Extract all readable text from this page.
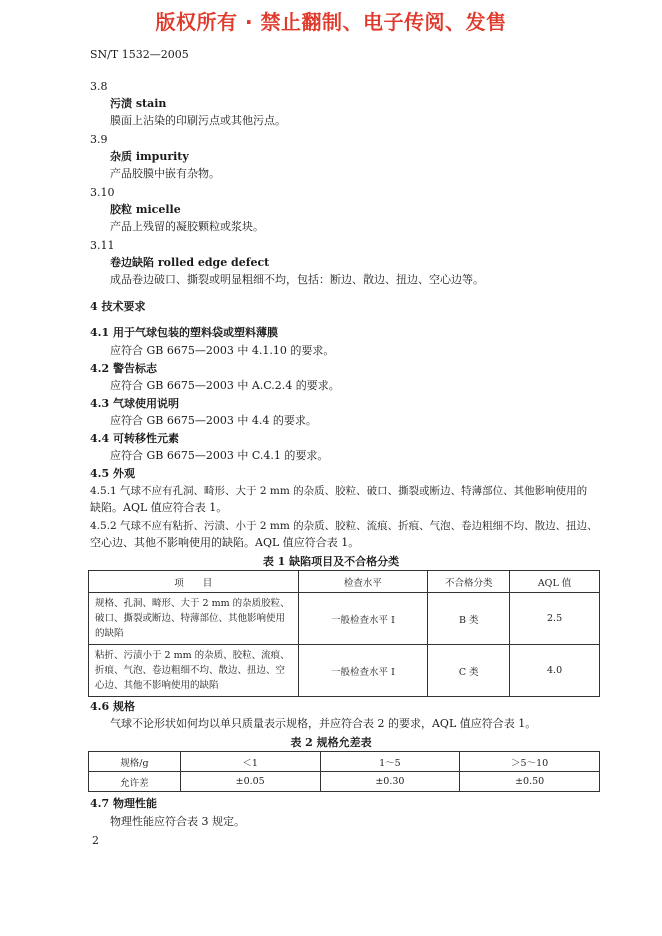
版权所有 · 禁止翻制、电子传阅、发售
SN/T 1532—2005
3.8
污渍 stain
膜面上沾染的印刷污点或其他污点。
3.9
杂质 impurity
产品胶膜中嵌有杂物。
3.10
胶粒 micelle
产品上残留的凝胶颗粒或浆块。
3.11
卷边缺陷 rolled edge defect
成品卷边破口、撕裂或明显粗细不均，包括：断边、散边、扭边、空心边等。
4 技术要求
4.1 用于气球包装的塑料袋或塑料薄膜
应符合 GB 6675—2003 中 4.1.10 的要求。
4.2 警告标志
应符合 GB 6675—2003 中 A.C.2.4 的要求。
4.3 气球使用说明
应符合 GB 6675—2003 中 4.4 的要求。
4.4 可转移性元素
应符合 GB 6675—2003 中 C.4.1 的要求。
4.5 外观
4.5.1 气球不应有孔洞、畸形、大于 2 mm 的杂质、胶粒、破口、撕裂或断边、特薄部位、其他影响使用的
缺陷。AQL 值应符合表 1。
4.5.2 气球不应有粘折、污渍、小于 2 mm 的杂质、胶粒、流痕、折痕、气泡、卷边粗细不均、散边、扭边、
空心边、其他不影响使用的缺陷。AQL 值应符合表 1。
表 1 缺陷项目及不合格分类
项　　目	检查水平	不合格分类	AQL 值
规格、孔洞、畸形、大于 2 mm 的杂质胶粒、破口、撕裂或断边、特薄部位、其他影响使用的缺陷	一般检查水平 I	B 类	2.5
粘折、污渍小于 2 mm 的杂质、胶粒、流痕、折痕、气泡、卷边粗细不均、散边、扭边、空心边、其他不影响使用的缺陷	一般检查水平 I	C 类	4.0
4.6 规格
气球不论形状如何均以单只质量表示规格，并应符合表 2 的要求，AQL 值应符合表 1。
表 2 规格允差表
规格/g	＜1	1～5	＞5～10
允许差	±0.05	±0.30	±0.50
4.7 物理性能
物理性能应符合表 3 规定。
2
